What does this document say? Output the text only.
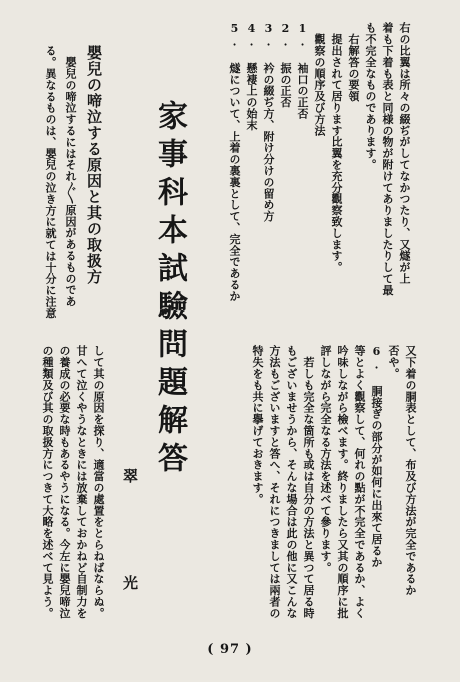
右の比翼は所々の綴ぢがしてなかつたり、又燧が上
着も下着も表と同様の物が附けてありましたりして最
も不完全なものであります。
　右解答の要領
　提出されて居ります比翼を充分觀察致します。
　觀察の順序及び方法
1. 袖口の正否
2. 振の正否
3. 衿の綴ぢ方、附け分けの留め方
4. 懸褄上の始末
5. 燧について、上着の裏裏として、完全であるか
家事科本試驗問題解答
翠光
嬰兒の啼泣する原因と其の取扱方
　嬰兒の啼泣するにはそれ〴〵原因があるものであ
る。異なるものは、嬰兒の泣き方に就ては十分に注意
又下着の胴表として、布及び方法が完全であるか
否や。
6. 胴接ぎの部分が如何に出來て居るか
等とよく觀察して、何れの點が不完全であるか、よく
吟味しながら檢べます。終りましたら又其の順序に批
評しながら完全なる方法を述べて參ります。
　若しも完全な箇所も或は自分の方法と異つて居る時
もございませうから、そんな場合は此の他に又こんな
方法もございますと答へ、それにつきましては兩者の
特失をも共に擧げておきます。
して其の原因を探り、適當の處置をとらねばならぬ。
甘へて泣くやうなときには放棄しておかねど自制力を
の養成の必要な時もあるやうになる。今左に嬰兒啼泣
の種類及び其の取扱方につきて大略を述べて見よう。
( 97 )
